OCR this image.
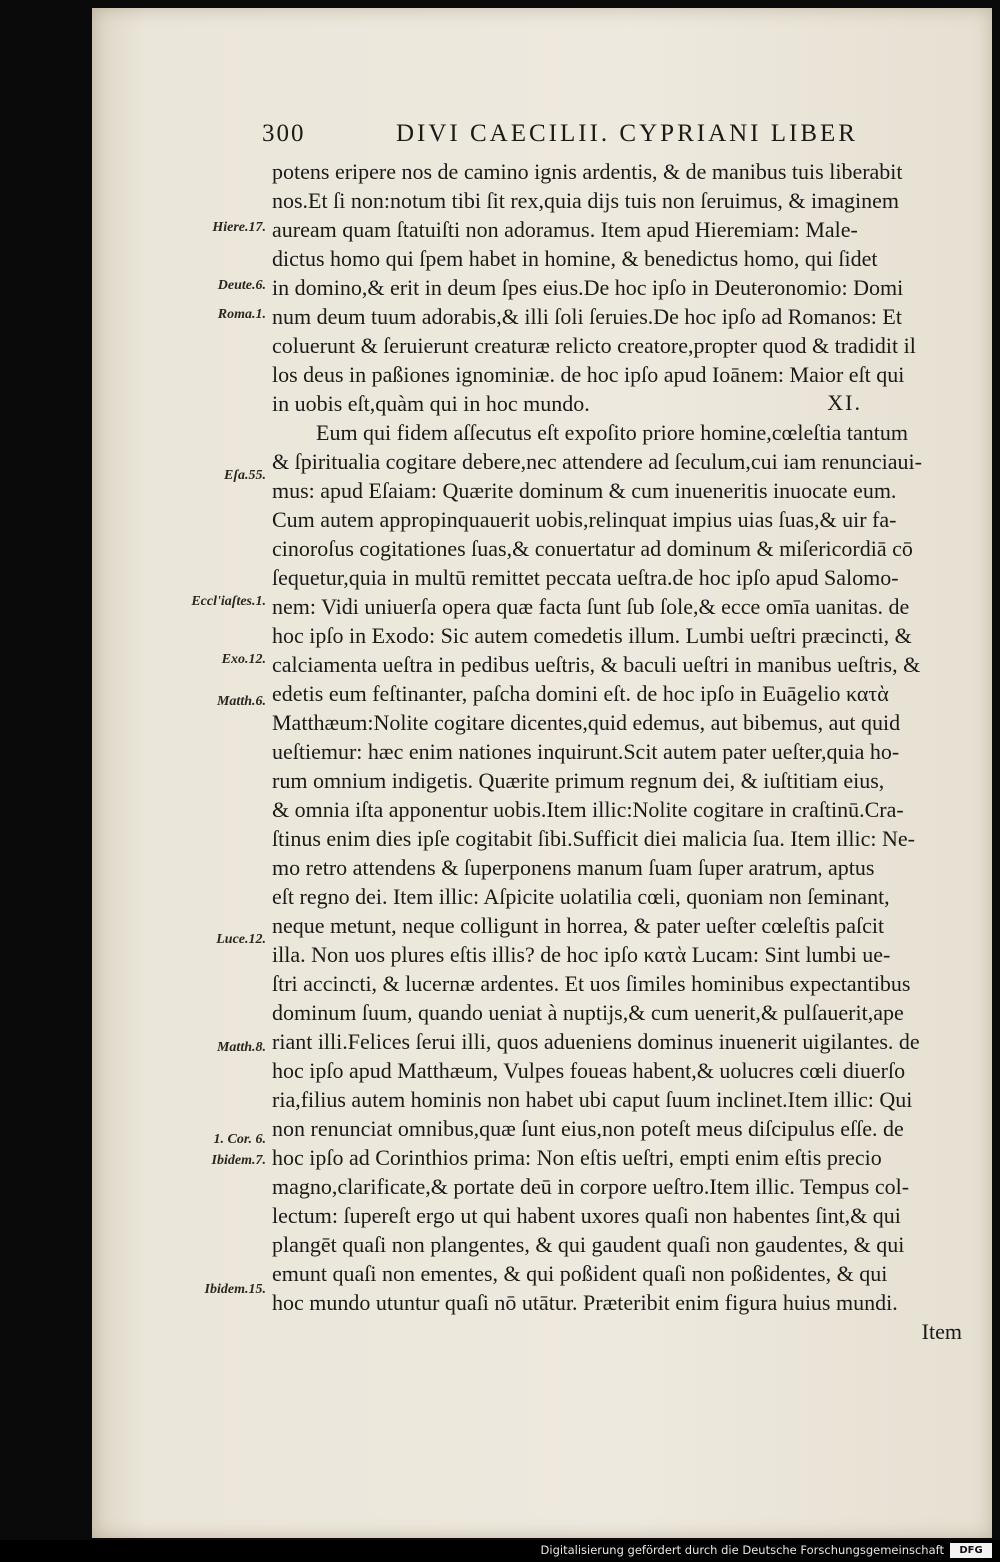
300	DIVI CAECILII. CYPRIANI LIBER
potens eripere nos de camino ignis ardentis, & de manibus tuis liberabit
nos.Et ſi non:notum tibi ſit rex,quia dijs tuis non ſeruimus, & imaginem
auream quam ſtatuiſti non adoramus. Item apud Hieremiam: Male-
dictus homo qui ſpem habet in homine, & benedictus homo, qui ſidet
in domino,& erit in deum ſpes eius.De hoc ipſo in Deuteronomio: Domi
num deum tuum adorabis,& illi ſoli ſeruies.De hoc ipſo ad Romanos: Et
coluerunt & ſeruierunt creaturæ relicto creatore,propter quod & tradidit il
los deus in paßiones ignominiæ. de hoc ipſo apud Ioānem: Maior eſt qui
in uobis eſt,quàm qui in hoc mundo.	XI.
Eum qui fidem aſſecutus eſt expoſito priore homine,cœleſtia tantum
& ſpiritualia cogitare debere,nec attendere ad ſeculum,cui iam renunciaui-
mus: apud Eſaiam: Quærite dominum & cum inueneritis inuocate eum.
Cum autem appropinquauerit uobis,relinquat impius uias ſuas,& uir fa-
cinoroſus cogitationes ſuas,& conuertatur ad dominum & miſericordiā cō
ſequetur,quia in multū remittet peccata ueſtra.de hoc ipſo apud Salomo-
nem: Vidi uniuerſa opera quæ facta ſunt ſub ſole,& ecce omīa uanitas. de
hoc ipſo in Exodo: Sic autem comedetis illum. Lumbi ueſtri præcincti, &
calciamenta ueſtra in pedibus ueſtris, & baculi ueſtri in manibus ueſtris, &
edetis eum feſtinanter, paſcha domini eſt. de hoc ipſo in Euāgelio κατὰ
Matthæum:Nolite cogitare dicentes,quid edemus, aut bibemus, aut quid
ueſtiemur: hæc enim nationes inquirunt.Scit autem pater ueſter,quia ho-
rum omnium indigetis. Quærite primum regnum dei, & iuſtitiam eius,
& omnia iſta apponentur uobis.Item illic:Nolite cogitare in craſtinū.Cra-
ſtinus enim dies ipſe cogitabit ſibi.Sufficit diei malicia ſua. Item illic: Ne-
mo retro attendens & ſuperponens manum ſuam ſuper aratrum, aptus
eſt regno dei. Item illic: Aſpicite uolatilia cœli, quoniam non ſeminant,
neque metunt, neque colligunt in horrea, & pater ueſter cœleſtis paſcit
illa. Non uos plures eſtis illis? de hoc ipſo κατὰ Lucam: Sint lumbi ue-
ſtri accincti, & lucernæ ardentes. Et uos ſimiles hominibus expectantibus
dominum ſuum, quando ueniat à nuptijs,& cum uenerit,& pulſauerit,ape
riant illi.Felices ſerui illi, quos adueniens dominus inuenerit uigilantes. de
hoc ipſo apud Matthæum, Vulpes foueas habent,& uolucres cœli diuerſo
ria,filius autem hominis non habet ubi caput ſuum inclinet.Item illic: Qui
non renunciat omnibus,quæ ſunt eius,non poteſt meus diſcipulus eſſe. de
hoc ipſo ad Corinthios prima: Non eſtis ueſtri, empti enim eſtis precio
magno,clarificate,& portate deū in corpore ueſtro.Item illic. Tempus col-
lectum: ſupereſt ergo ut qui habent uxores quaſi non habentes ſint,& qui
plangēt quaſi non plangentes, & qui gaudent quaſi non gaudentes, & qui
emunt quaſi non ementes, & qui poßident quaſi non poßidentes, & qui
hoc mundo utuntur quaſi nō utātur. Præteribit enim figura huius mundi.
Item
Hiere.17.
Deute.6.
Roma.1.
Eſa.55.
Eccl'iaſtes.1.
Exo.12.
Matth.6.
Luce.12.
Matth.8.
1. Cor. 6.
Ibidem.7.
Ibidem.15.
Digitalisierung gefördert durch die Deutsche Forschungsgemeinschaft	DFG
